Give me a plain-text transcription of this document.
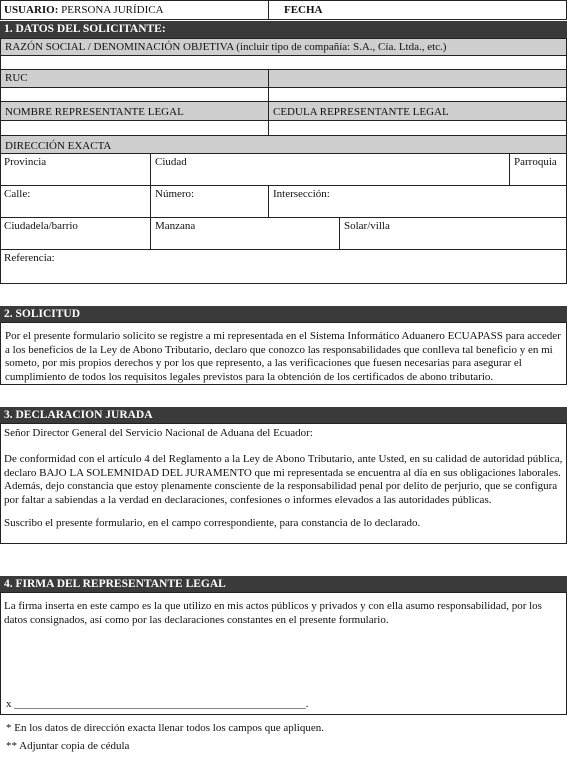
USUARIO: PERSONA JURÍDICA	FECHA
1. DATOS DEL SOLICITANTE:
RAZÓN SOCIAL / DENOMINACIÓN OBJETIVA (incluir tipo de compañía: S.A., Cía. Ltda., etc.)
RUC
NOMBRE REPRESENTANTE LEGAL	CEDULA REPRESENTANTE LEGAL
DIRECCIÓN EXACTA
Provincia	Ciudad	Parroquia
Calle:	Número:	Intersección:
Ciudadela/barrio	Manzana	Solar/villa
Referencia:
2. SOLICITUD
Por el presente formulario solicito se registre a mi representada en el Sistema Informático Aduanero ECUAPASS para acceder a los beneficios de la Ley de Abono Tributario, declaro que conozco las responsabilidades que conlleva tal beneficio y en mi someto, por mis propios derechos y por los que represento, a las verificaciones que fuesen necesarias para asegurar el cumplimiento de todos los requisitos legales previstos para la obtención de los certificados de abono tributario.
3. DECLARACION JURADA
Señor Director General del Servicio Nacional de Aduana del Ecuador:
De conformidad con el artículo 4 del Reglamento a la Ley de Abono Tributario, ante Usted, en su calidad de autoridad pública, declaro BAJO LA SOLEMNIDAD DEL JURAMENTO que mi representada se encuentra al día en sus obligaciones laborales. Además, dejo constancia que estoy plenamente consciente de la responsabilidad penal por delito de perjurio, que se configura por faltar a sabiendas a la verdad en declaraciones, confesiones o informes elevados a las autoridades públicas.
Suscribo el presente formulario, en el campo correspondiente, para constancia de lo declarado.
4. FIRMA DEL REPRESENTANTE LEGAL
La firma inserta en este campo es la que utilizo en mis actos públicos y privados y con ella asumo responsabilidad, por los datos consignados, así como por las declaraciones constantes en el presente formulario.
x _____________________________________________________.
* En los datos de dirección exacta llenar todos los campos que apliquen.
** Adjuntar copia de cédula
